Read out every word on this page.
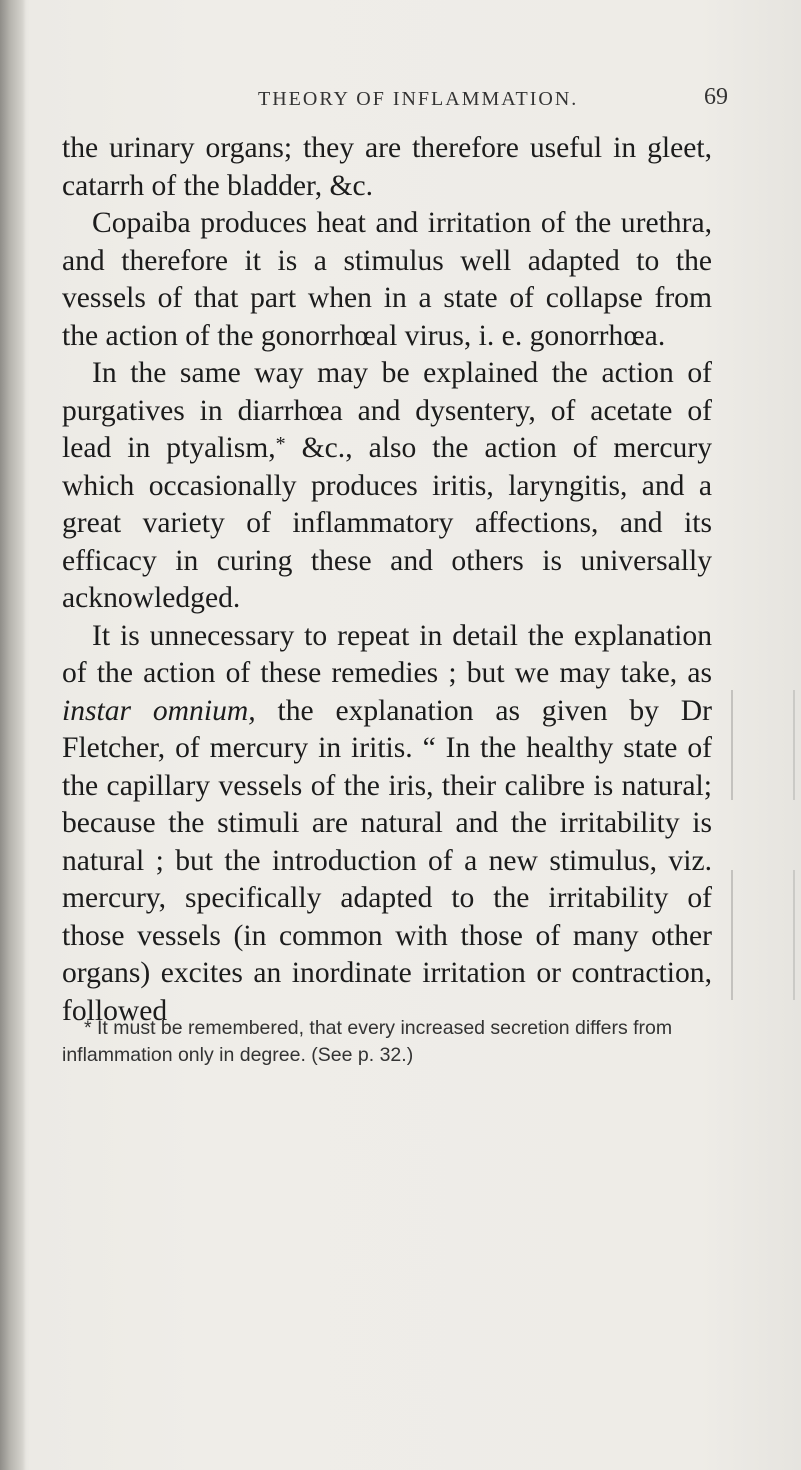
THEORY OF INFLAMMATION.	69

the urinary organs; they are therefore useful in gleet, catarrh of the bladder, &c.

Copaiba produces heat and irritation of the urethra, and therefore it is a stimulus well adapted to the vessels of that part when in a state of collapse from the action of the gonorrhœal virus, i. e. gonorrhœa.

In the same way may be explained the action of purgatives in diarrhœa and dysentery, of acetate of lead in ptyalism,* &c., also the action of mercury which occasionally produces iritis, laryngitis, and a great variety of inflammatory affections, and its efficacy in curing these and others is universally acknowledged.

It is unnecessary to repeat in detail the explanation of the action of these remedies ; but we may take, as instar omnium, the explanation as given by Dr Fletcher, of mercury in iritis. “ In the healthy state of the capillary vessels of the iris, their calibre is natural; because the stimuli are natural and the irritability is natural ; but the introduction of a new stimulus, viz. mercury, specifically adapted to the irritability of those vessels (in common with those of many other organs) excites an inordinate irritation or contraction, followed

* It must be remembered, that every increased secretion differs from inflammation only in degree. (See p. 32.)
